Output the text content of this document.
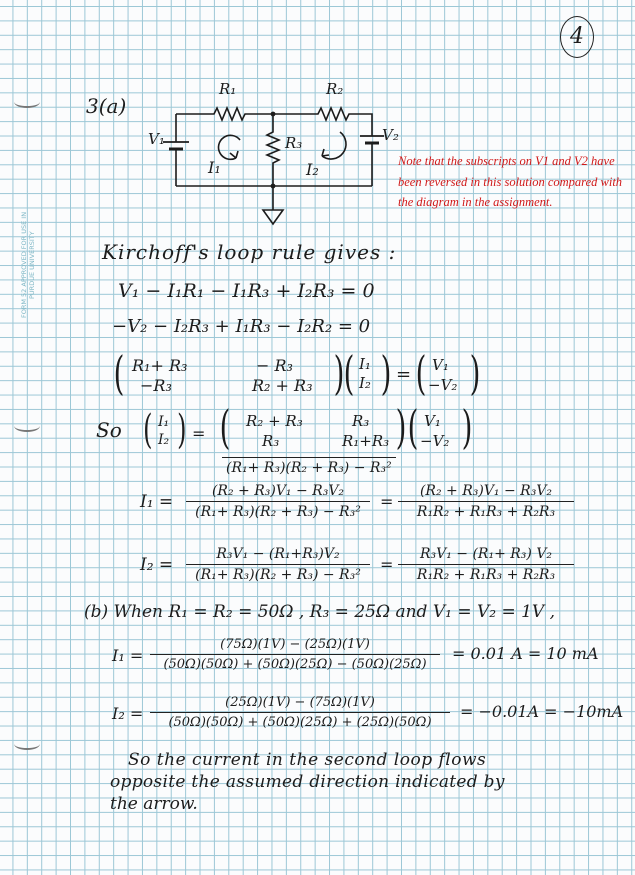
FORM 52 APPROVED FOR USE IN PURDUE UNIVERSITY
4
3(a)
R₁	R₂
R₃
V₁	V₂
I₁	I₂	Note that the subscripts on V1 and V2 have been reversed in this solution compared with the diagram in the assignment.
Kirchoff's loop rule gives :
V₁ − I₁R₁ − I₁R₃ + I₂R₃ = 0
−V₂ − I₂R₃ + I₁R₃ − I₂R₂ = 0
( R₁+ R₃	− R₃
−R₃	R₂ + R₃ ) ( I₁
I₂ ) = ( V₁
−V₂ )
So ( I₁
I₂ ) = ( R₂ + R₃	R₃
R₃	R₁+R₃ ) ( V₁
−V₂ )
(R₁+ R₃)(R₂ + R₃) − R₃²
I₁ =
(R₂ + R₃)V₁ − R₃V₂
(R₁+ R₃)(R₂ + R₃) − R₃²
=
(R₂ + R₃)V₁ − R₃V₂
R₁R₂ + R₁R₃ + R₂R₃
I₂ =
R₃V₁ − (R₁+R₃)V₂
(R₁+ R₃)(R₂ + R₃) − R₃²
=
R₃V₁ − (R₁+ R₃) V₂
R₁R₂ + R₁R₃ + R₂R₃
(b) When R₁ = R₂ = 50Ω , R₃ = 25Ω and V₁ = V₂ = 1V ,
I₁ =
(75Ω)(1V) − (25Ω)(1V)
(50Ω)(50Ω) + (50Ω)(25Ω) − (50Ω)(25Ω)
= 0.01 A = 10 mA
I₂ =
(25Ω)(1V) − (75Ω)(1V)
(50Ω)(50Ω) + (50Ω)(25Ω) + (25Ω)(50Ω)
= −0.01A = −10mA
So the current in the second loop flows
opposite the assumed direction indicated by
the arrow.
